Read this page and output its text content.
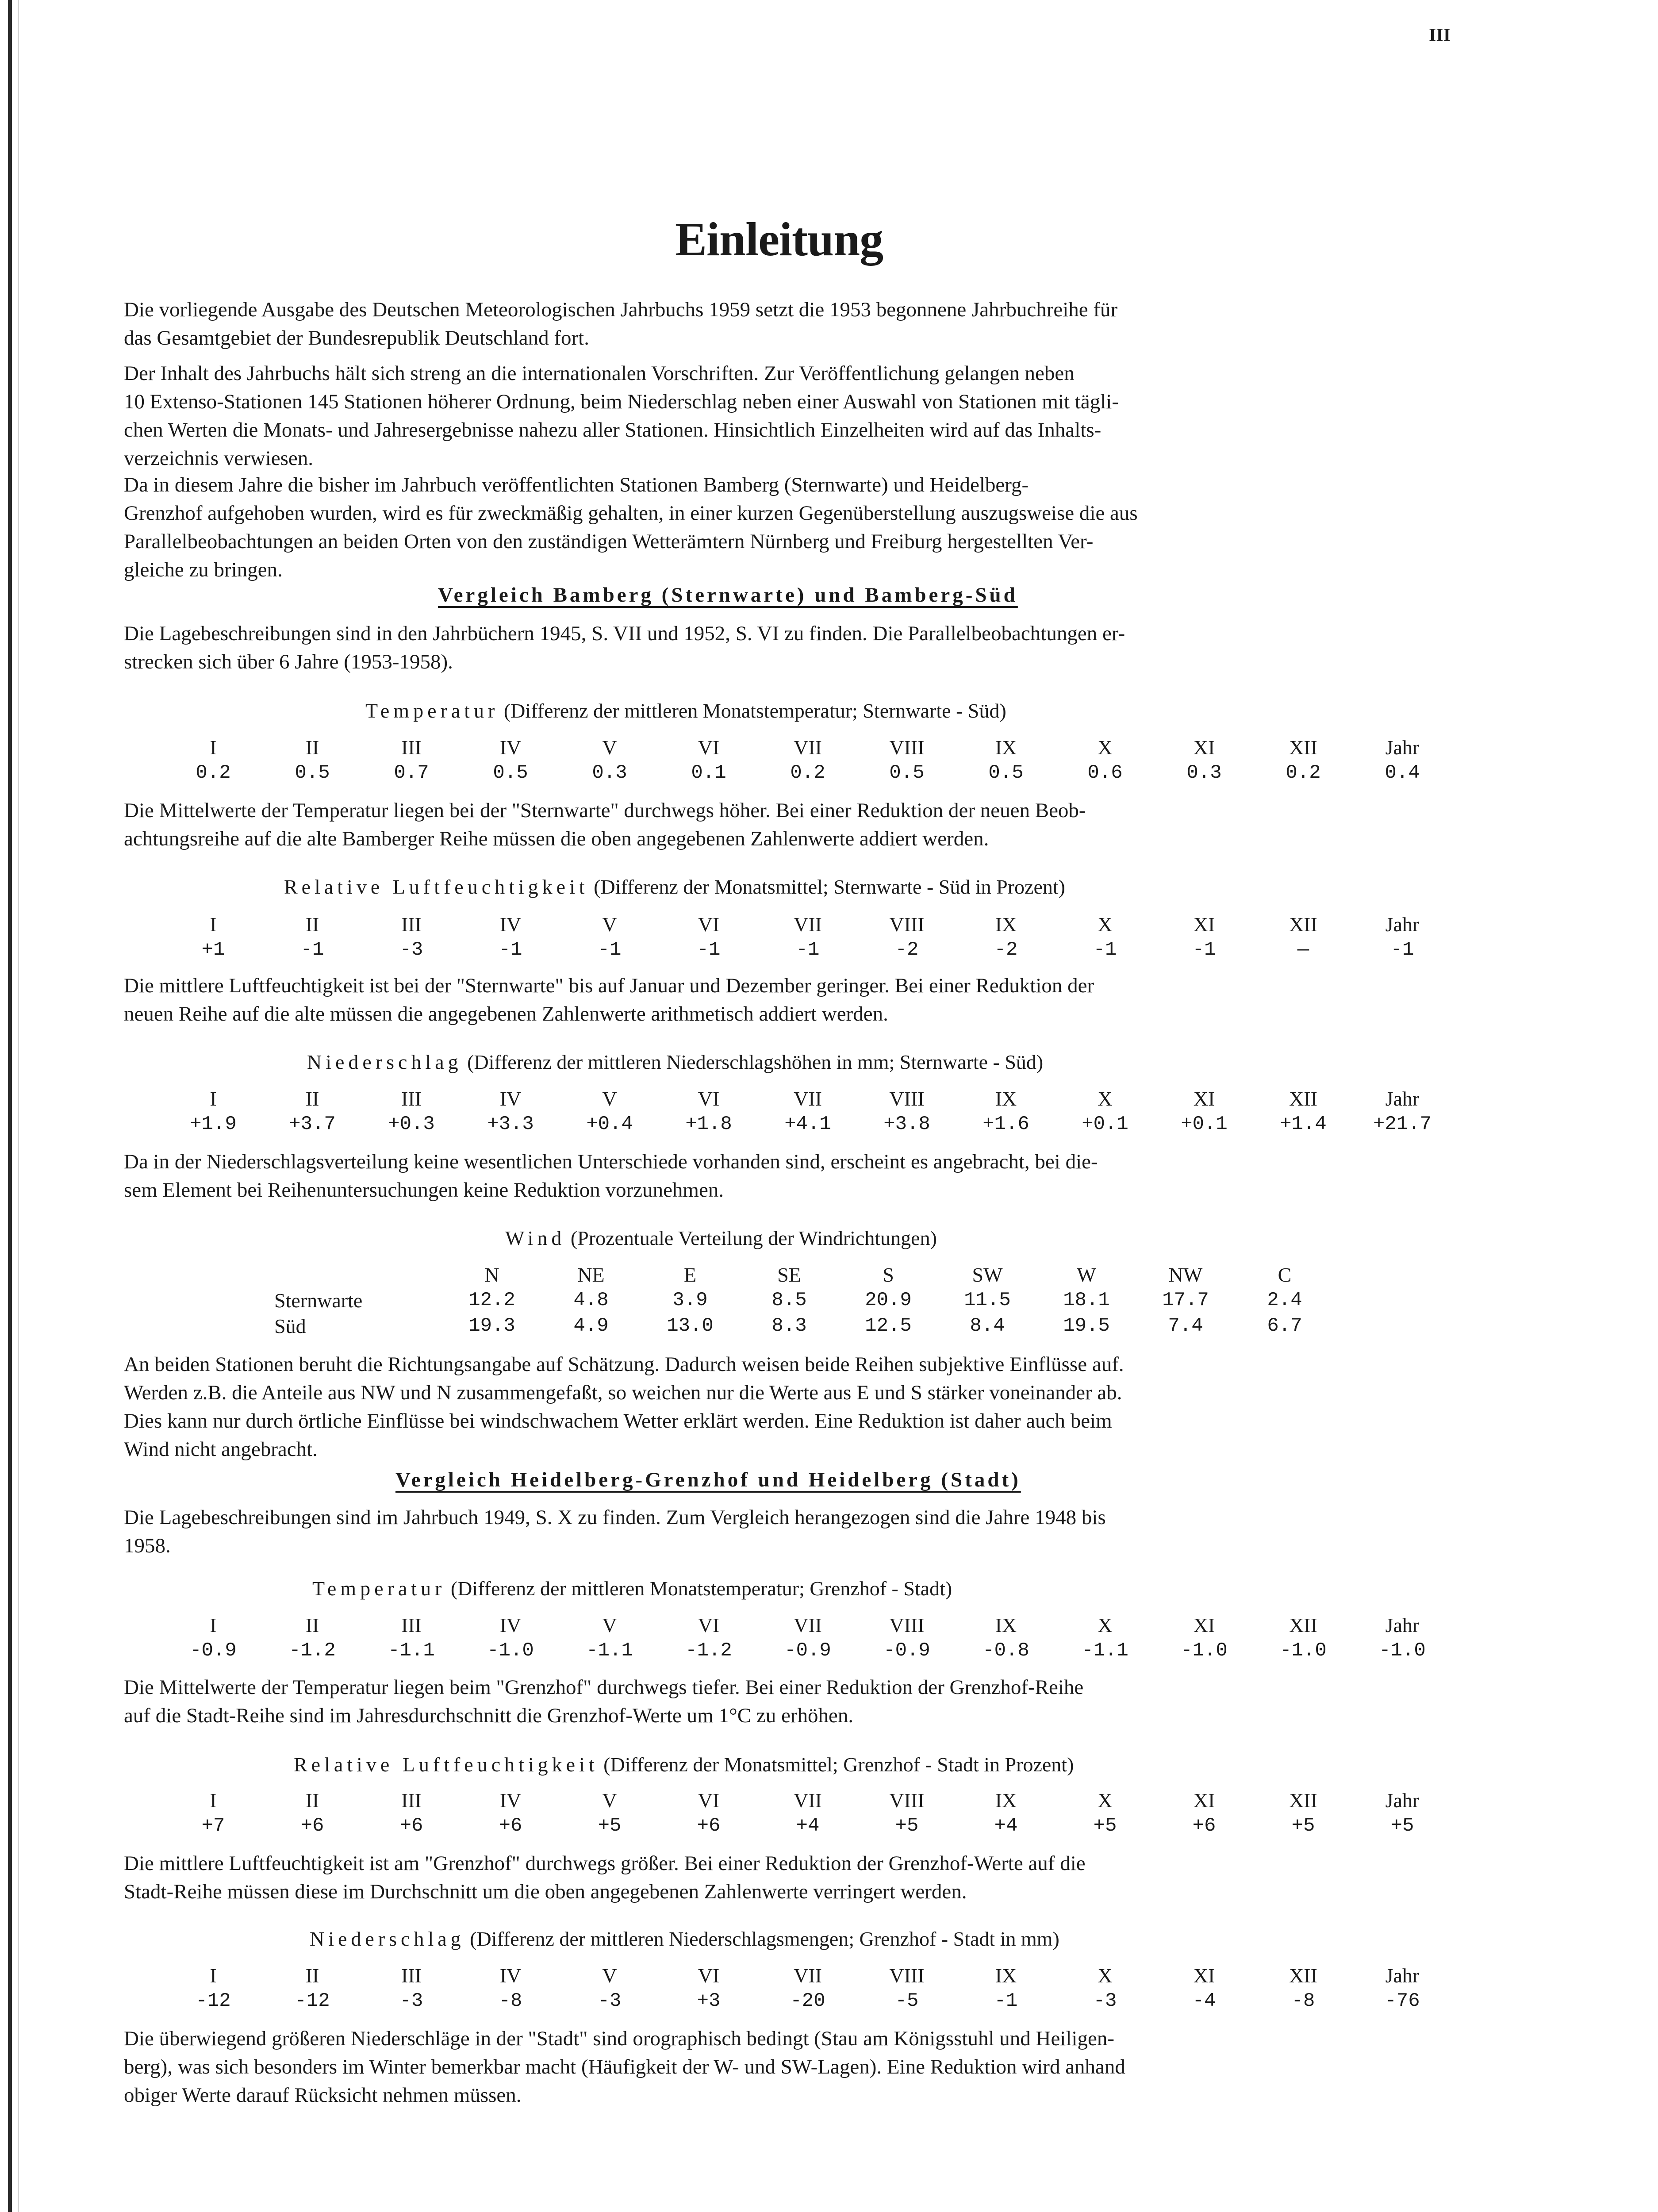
III
Einleitung

Die vorliegende Ausgabe des Deutschen Meteorologischen Jahrbuchs 1959 setzt die 1953 begonnene Jahrbuchreihe für
das Gesamtgebiet der Bundesrepublik Deutschland fort.

Der Inhalt des Jahrbuchs hält sich streng an die internationalen Vorschriften. Zur Veröffentlichung gelangen neben
10 Extenso-Stationen 145 Stationen höherer Ordnung, beim Niederschlag neben einer Auswahl von Stationen mit tägli-
chen Werten die Monats- und Jahresergebnisse nahezu aller Stationen. Hinsichtlich Einzelheiten wird auf das Inhalts-
verzeichnis verwiesen.

Da in diesem Jahre die bisher im Jahrbuch veröffentlichten Stationen Bamberg (Sternwarte) und Heidelberg-
Grenzhof aufgehoben wurden, wird es für zweckmäßig gehalten, in einer kurzen Gegenüberstellung auszugsweise die aus
Parallelbeobachtungen an beiden Orten von den zuständigen Wetterämtern Nürnberg und Freiburg hergestellten Ver-
gleiche zu bringen.

Vergleich Bamberg (Sternwarte) und Bamberg-Süd

Die Lagebeschreibungen sind in den Jahrbüchern 1945, S. VII und 1952, S. VI zu finden. Die Parallelbeobachtungen er-
strecken sich über 6 Jahre (1953-1958).

Temperatur (Differenz der mittleren Monatstemperatur; Sternwarte - Süd)

I	II	III	IV	V	VI	VII	VIII	IX	X	XI	XII	Jahr
0.2	0.5	0.7	0.5	0.3	0.1	0.2	0.5	0.5	0.6	0.3	0.2	0.4

Die Mittelwerte der Temperatur liegen bei der "Sternwarte" durchwegs höher. Bei einer Reduktion der neuen Beob-
achtungsreihe auf die alte Bamberger Reihe müssen die oben angegebenen Zahlenwerte addiert werden.

Relative Luftfeuchtigkeit (Differenz der Monatsmittel; Sternwarte - Süd in Prozent)

I	II	III	IV	V	VI	VII	VIII	IX	X	XI	XII	Jahr
+1	-1	-3	-1	-1	-1	-1	-2	-2	-1	-1	—	-1

Die mittlere Luftfeuchtigkeit ist bei der "Sternwarte" bis auf Januar und Dezember geringer. Bei einer Reduktion der
neuen Reihe auf die alte müssen die angegebenen Zahlenwerte arithmetisch addiert werden.

Niederschlag (Differenz der mittleren Niederschlagshöhen in mm; Sternwarte - Süd)

I	II	III	IV	V	VI	VII	VIII	IX	X	XI	XII	Jahr
+1.9	+3.7	+0.3	+3.3	+0.4	+1.8	+4.1	+3.8	+1.6	+0.1	+0.1	+1.4	+21.7

Da in der Niederschlagsverteilung keine wesentlichen Unterschiede vorhanden sind, erscheint es angebracht, bei die-
sem Element bei Reihenuntersuchungen keine Reduktion vorzunehmen.

Wind (Prozentuale Verteilung der Windrichtungen)

	N	NE	E	SE	S	SW	W	NW	C
Sternwarte	12.2	4.8	3.9	8.5	20.9	11.5	18.1	17.7	2.4
Süd	19.3	4.9	13.0	8.3	12.5	8.4	19.5	7.4	6.7

An beiden Stationen beruht die Richtungsangabe auf Schätzung. Dadurch weisen beide Reihen subjektive Einflüsse auf.
Werden z.B. die Anteile aus NW und N zusammengefaßt, so weichen nur die Werte aus E und S stärker voneinander ab.
Dies kann nur durch örtliche Einflüsse bei windschwachem Wetter erklärt werden. Eine Reduktion ist daher auch beim
Wind nicht angebracht.

Vergleich Heidelberg-Grenzhof und Heidelberg (Stadt)

Die Lagebeschreibungen sind im Jahrbuch 1949, S. X zu finden. Zum Vergleich herangezogen sind die Jahre 1948 bis
1958.

Temperatur (Differenz der mittleren Monatstemperatur; Grenzhof - Stadt)

I	II	III	IV	V	VI	VII	VIII	IX	X	XI	XII	Jahr
-0.9	-1.2	-1.1	-1.0	-1.1	-1.2	-0.9	-0.9	-0.8	-1.1	-1.0	-1.0	-1.0

Die Mittelwerte der Temperatur liegen beim "Grenzhof" durchwegs tiefer. Bei einer Reduktion der Grenzhof-Reihe
auf die Stadt-Reihe sind im Jahresdurchschnitt die Grenzhof-Werte um 1°C zu erhöhen.

Relative Luftfeuchtigkeit (Differenz der Monatsmittel; Grenzhof - Stadt in Prozent)

I	II	III	IV	V	VI	VII	VIII	IX	X	XI	XII	Jahr
+7	+6	+6	+6	+5	+6	+4	+5	+4	+5	+6	+5	+5

Die mittlere Luftfeuchtigkeit ist am "Grenzhof" durchwegs größer. Bei einer Reduktion der Grenzhof-Werte auf die
Stadt-Reihe müssen diese im Durchschnitt um die oben angegebenen Zahlenwerte verringert werden.

Niederschlag (Differenz der mittleren Niederschlagsmengen; Grenzhof - Stadt in mm)

I	II	III	IV	V	VI	VII	VIII	IX	X	XI	XII	Jahr
-12	-12	-3	-8	-3	+3	-20	-5	-1	-3	-4	-8	-76

Die überwiegend größeren Niederschläge in der "Stadt" sind orographisch bedingt (Stau am Königsstuhl und Heiligen-
berg), was sich besonders im Winter bemerkbar macht (Häufigkeit der W- und SW-Lagen). Eine Reduktion wird anhand
obiger Werte darauf Rücksicht nehmen müssen.
